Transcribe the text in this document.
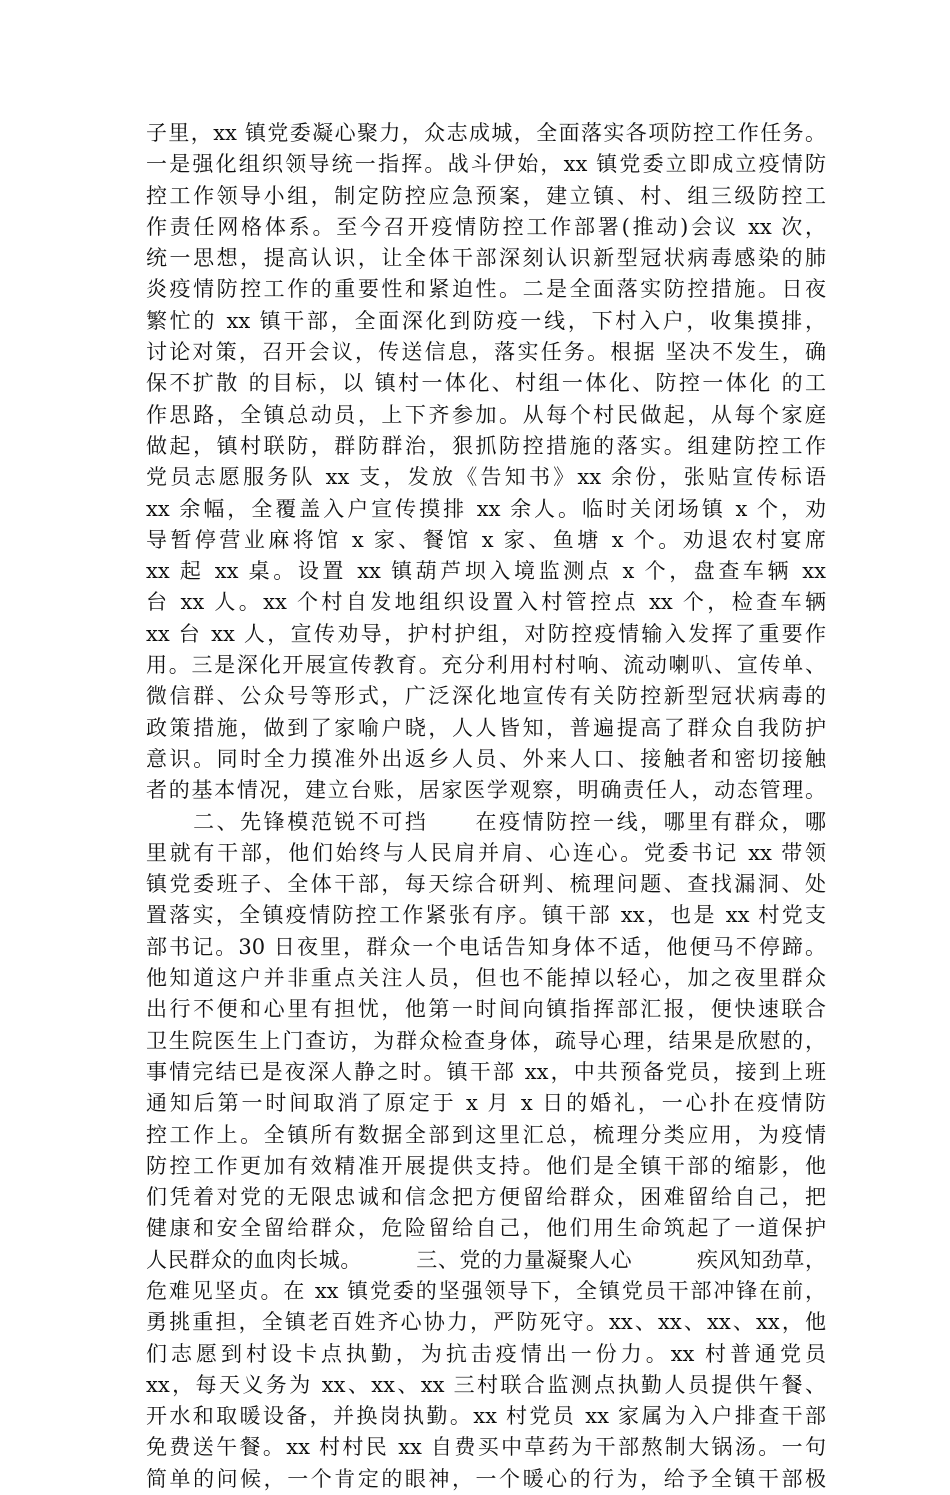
子里，xx 镇党委凝心聚力，众志成城，全面落实各项防控工作任务。
一是强化组织领导统一指挥。战斗伊始，xx 镇党委立即成立疫情防
控工作领导小组，制定防控应急预案，建立镇、村、组三级防控工
作责任网格体系。至今召开疫情防控工作部署(推动)会议 xx 次，
统一思想，提高认识，让全体干部深刻认识新型冠状病毒感染的肺
炎疫情防控工作的重要性和紧迫性。二是全面落实防控措施。日夜
繁忙的 xx 镇干部，全面深化到防疫一线，下村入户，收集摸排，
讨论对策，召开会议，传送信息，落实任务。根据 坚决不发生，确
保不扩散 的目标，以 镇村一体化、村组一体化、防控一体化 的工
作思路，全镇总动员，上下齐参加。从每个村民做起，从每个家庭
做起，镇村联防，群防群治，狠抓防控措施的落实。组建防控工作
党员志愿服务队 xx 支，发放《告知书》xx 余份，张贴宣传标语
xx 余幅，全覆盖入户宣传摸排 xx 余人。临时关闭场镇 x 个，劝
导暂停营业麻将馆 x 家、餐馆 x 家、鱼塘 x 个。劝退农村宴席
xx 起 xx 桌。设置 xx 镇葫芦坝入境监测点 x 个，盘查车辆 xx
台 xx 人。xx 个村自发地组织设置入村管控点 xx 个，检查车辆
xx 台 xx 人，宣传劝导，护村护组，对防控疫情输入发挥了重要作
用。三是深化开展宣传教育。充分利用村村响、流动喇叭、宣传单、
微信群、公众号等形式，广泛深化地宣传有关防控新型冠状病毒的
政策措施，做到了家喻户晓，人人皆知，普遍提高了群众自我防护
意识。同时全力摸准外出返乡人员、外来人口、接触者和密切接触
者的基本情况，建立台账，居家医学观察，明确责任人，动态管理。
　　二、先锋模范锐不可挡　　在疫情防控一线，哪里有群众，哪
里就有干部，他们始终与人民肩并肩、心连心。党委书记 xx 带领
镇党委班子、全体干部，每天综合研判、梳理问题、查找漏洞、处
置落实，全镇疫情防控工作紧张有序。镇干部 xx，也是 xx 村党支
部书记。30 日夜里，群众一个电话告知身体不适，他便马不停蹄。
他知道这户并非重点关注人员，但也不能掉以轻心，加之夜里群众
出行不便和心里有担忧，他第一时间向镇指挥部汇报，便快速联合
卫生院医生上门查访，为群众检查身体，疏导心理，结果是欣慰的，
事情完结已是夜深人静之时。镇干部 xx，中共预备党员，接到上班
通知后第一时间取消了原定于 x 月 x 日的婚礼，一心扑在疫情防
控工作上。全镇所有数据全部到这里汇总，梳理分类应用，为疫情
防控工作更加有效精准开展提供支持。他们是全镇干部的缩影，他
们凭着对党的无限忠诚和信念把方便留给群众，困难留给自己，把
健康和安全留给群众，危险留给自己，他们用生命筑起了一道保护
人民群众的血肉长城。　　　三、党的力量凝聚人心　　　疾风知劲草，
危难见坚贞。在 xx 镇党委的坚强领导下，全镇党员干部冲锋在前，
勇挑重担，全镇老百姓齐心协力，严防死守。xx、xx、xx、xx，他
们志愿到村设卡点执勤，为抗击疫情出一份力。xx 村普通党员
xx，每天义务为 xx、xx、xx 三村联合监测点执勤人员提供午餐、
开水和取暖设备，并换岗执勤。xx 村党员 xx 家属为入户排查干部
免费送午餐。xx 村村民 xx 自费买中草药为干部熬制大锅汤。一句
简单的问候，一个肯定的眼神，一个暖心的行为，给予全镇干部极
